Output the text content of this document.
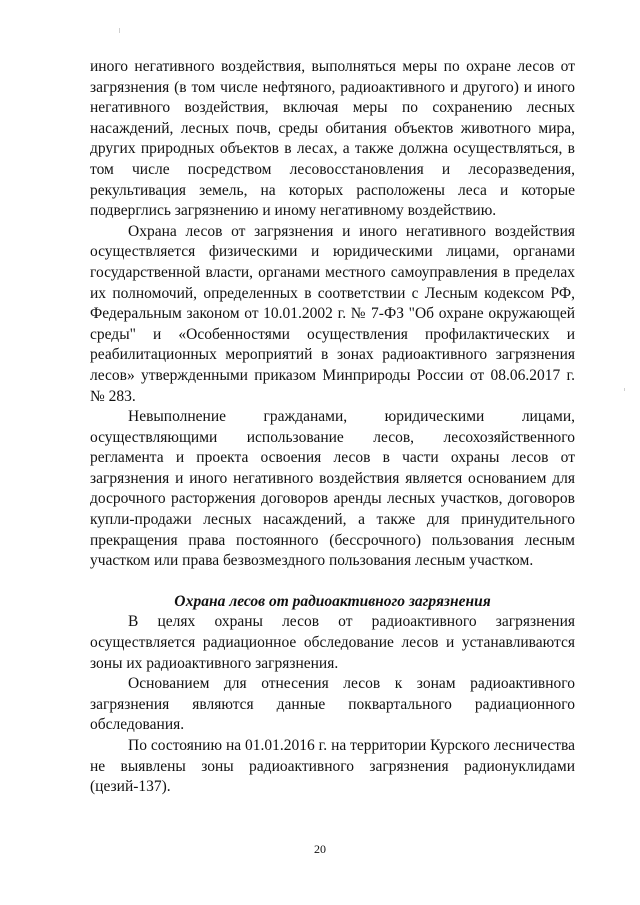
иного негативного воздействия, выполняться меры по охране лесов от загрязнения (в том числе нефтяного, радиоактивного и другого) и иного негативного воздействия, включая меры по сохранению лесных насаждений, лесных почв, среды обитания объектов животного мира, других природных объектов в лесах, а также должна осуществляться, в том числе посредством лесовосстановления и лесоразведения, рекультивация земель, на которых расположены леса и которые подверглись загрязнению и иному негативному воздействию.

Охрана лесов от загрязнения и иного негативного воздействия осуществляется физическими и юридическими лицами, органами государственной власти, органами местного самоуправления в пределах их полномочий, определенных в соответствии с Лесным кодексом РФ, Федеральным законом от 10.01.2002 г. № 7-ФЗ "Об охране окружающей среды" и «Особенностями осуществления профилактических и реабилитационных мероприятий в зонах радиоактивного загрязнения лесов» утвержденными приказом Минприроды России от 08.06.2017 г. № 283.

Невыполнение гражданами, юридическими лицами, осуществляющими использование лесов, лесохозяйственного регламента и проекта освоения лесов в части охраны лесов от загрязнения и иного негативного воздействия является основанием для досрочного расторжения договоров аренды лесных участков, договоров купли-продажи лесных насаждений, а также для принудительного прекращения права постоянного (бессрочного) пользования лесным участком или права безвозмездного пользования лесным участком.

Охрана лесов от радиоактивного загрязнения

В целях охраны лесов от радиоактивного загрязнения осуществляется радиационное обследование лесов и устанавливаются зоны их радиоактивного загрязнения.

Основанием для отнесения лесов к зонам радиоактивного загрязнения являются данные поквартального радиационного обследования.

По состоянию на 01.01.2016 г. на территории Курского лесничества не выявлены зоны радиоактивного загрязнения радионуклидами (цезий-137).

20
